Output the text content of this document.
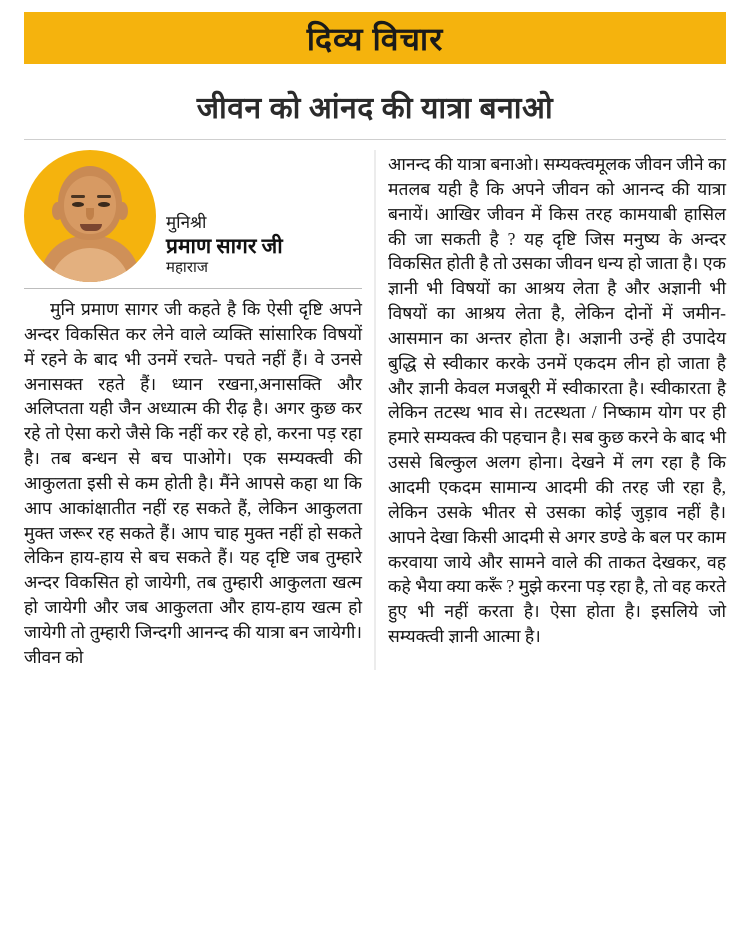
दिव्य विचार
जीवन को आंनद की यात्रा बनाओ
मुनिश्री
प्रमाण सागर जी
महाराज

मुनि प्रमाण सागर जी कहते है कि ऐसी दृष्टि अपने अन्दर विकसित कर लेने वाले व्यक्ति सांसारिक विषयों में रहने के बाद भी उनमें रचते- पचते नहीं हैं। वे उनसे अनासक्त रहते हैं। ध्यान रखना,अनासक्ति और अलिप्तता यही जैन अध्यात्म की रीढ़ है। अगर कुछ कर रहे तो ऐसा करो जैसे कि नहीं कर रहे हो, करना पड़ रहा है। तब बन्धन से बच पाओगे। एक सम्यक्त्वी की आकुलता इसी से कम होती है। मैंने आपसे कहा था कि आप आकांक्षातीत नहीं रह सकते हैं, लेकिन आकुलता मुक्त जरूर रह सकते हैं। आप चाह मुक्त नहीं हो सकते लेकिन हाय-हाय से बच सकते हैं। यह दृष्टि जब तुम्हारे अन्दर विकसित हो जायेगी, तब तुम्हारी आकुलता खत्म हो जायेगी और जब आकुलता और हाय-हाय खत्म हो जायेगी तो तुम्हारी जिन्दगी आनन्द की यात्रा बन जायेगी। जीवन को

आनन्द की यात्रा बनाओ। सम्यक्त्वमूलक जीवन जीने का मतलब यही है कि अपने जीवन को आनन्द की यात्रा बनायें। आखिर जीवन में किस तरह कामयाबी हासिल की जा सकती है ? यह दृष्टि जिस मनुष्य के अन्दर विकसित होती है तो उसका जीवन धन्य हो जाता है। एक ज्ञानी भी विषयों का आश्रय लेता है और अज्ञानी भी विषयों का आश्रय लेता है, लेकिन दोनों में जमीन-आसमान का अन्तर होता है। अज्ञानी उन्हें ही उपादेय बुद्धि से स्वीकार करके उनमें एकदम लीन हो जाता है और ज्ञानी केवल मजबूरी में स्वीकारता है। स्वीकारता है लेकिन तटस्थ भाव से। तटस्थता / निष्काम योग पर ही हमारे सम्यक्त्व की पहचान है। सब कुछ करने के बाद भी उससे बिल्कुल अलग होना। देखने में लग रहा है कि आदमी एकदम सामान्य आदमी की तरह जी रहा है, लेकिन उसके भीतर से उसका कोई जुड़ाव नहीं है। आपने देखा किसी आदमी से अगर डण्डे के बल पर काम करवाया जाये और सामने वाले की ताकत देखकर, वह कहे भैया क्या करूँ ? मुझे करना पड़ रहा है, तो वह करते हुए भी नहीं करता है। ऐसा होता है। इसलिये जो सम्यक्त्वी ज्ञानी आत्मा है।
